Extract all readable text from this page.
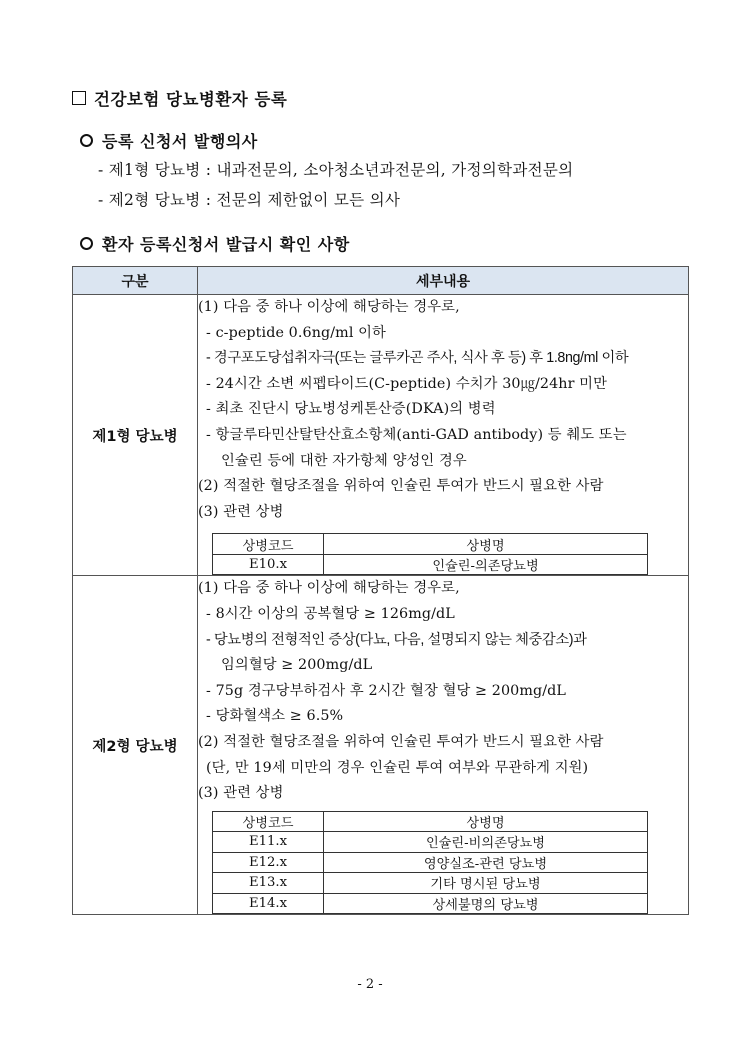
건강보험 당뇨병환자 등록
등록 신청서 발행의사
- 제1형 당뇨병 : 내과전문의, 소아청소년과전문의, 가정의학과전문의
- 제2형 당뇨병 : 전문의 제한없이 모든 의사
환자 등록신청서 발급시 확인 사항
구분	세부내용
제1형 당뇨병	
(1) 다음 중 하나 이상에 해당하는 경우로,
- c-peptide 0.6ng/ml 이하
- 경구포도당섭취자극(또는 글루카곤 주사, 식사 후 등) 후 1.8ng/ml 이하
- 24시간 소변 씨펩타이드(C-peptide) 수치가 30㎍/24hr 미만
- 최초 진단시 당뇨병성케톤산증(DKA)의 병력
- 항글루타민산탈탄산효소항체(anti-GAD antibody) 등 췌도 또는
인슐린 등에 대한 자가항체 양성인 경우
(2) 적절한 혈당조절을 위하여 인슐린 투여가 반드시 필요한 사람
(3) 관련 상병
상병코드	상병명
E10.x	인슐린-의존당뇨병

제2형 당뇨병	
(1) 다음 중 하나 이상에 해당하는 경우로,
- 8시간 이상의 공복혈당 ≥ 126mg/dL
- 당뇨병의 전형적인 증상(다뇨, 다음, 설명되지 않는 체중감소)과
임의혈당 ≥ 200mg/dL
- 75g 경구당부하검사 후 2시간 혈장 혈당 ≥ 200mg/dL
- 당화혈색소 ≥ 6.5%
(2) 적절한 혈당조절을 위하여 인슐린 투여가 반드시 필요한 사람
(단, 만 19세 미만의 경우 인슐린 투여 여부와 무관하게 지원)
(3) 관련 상병
상병코드	상병명
E11.x	인슐린-비의존당뇨병
E12.x	영양실조-관련 당뇨병
E13.x	기타 명시된 당뇨병
E14.x	상세불명의 당뇨병
- 2 -
